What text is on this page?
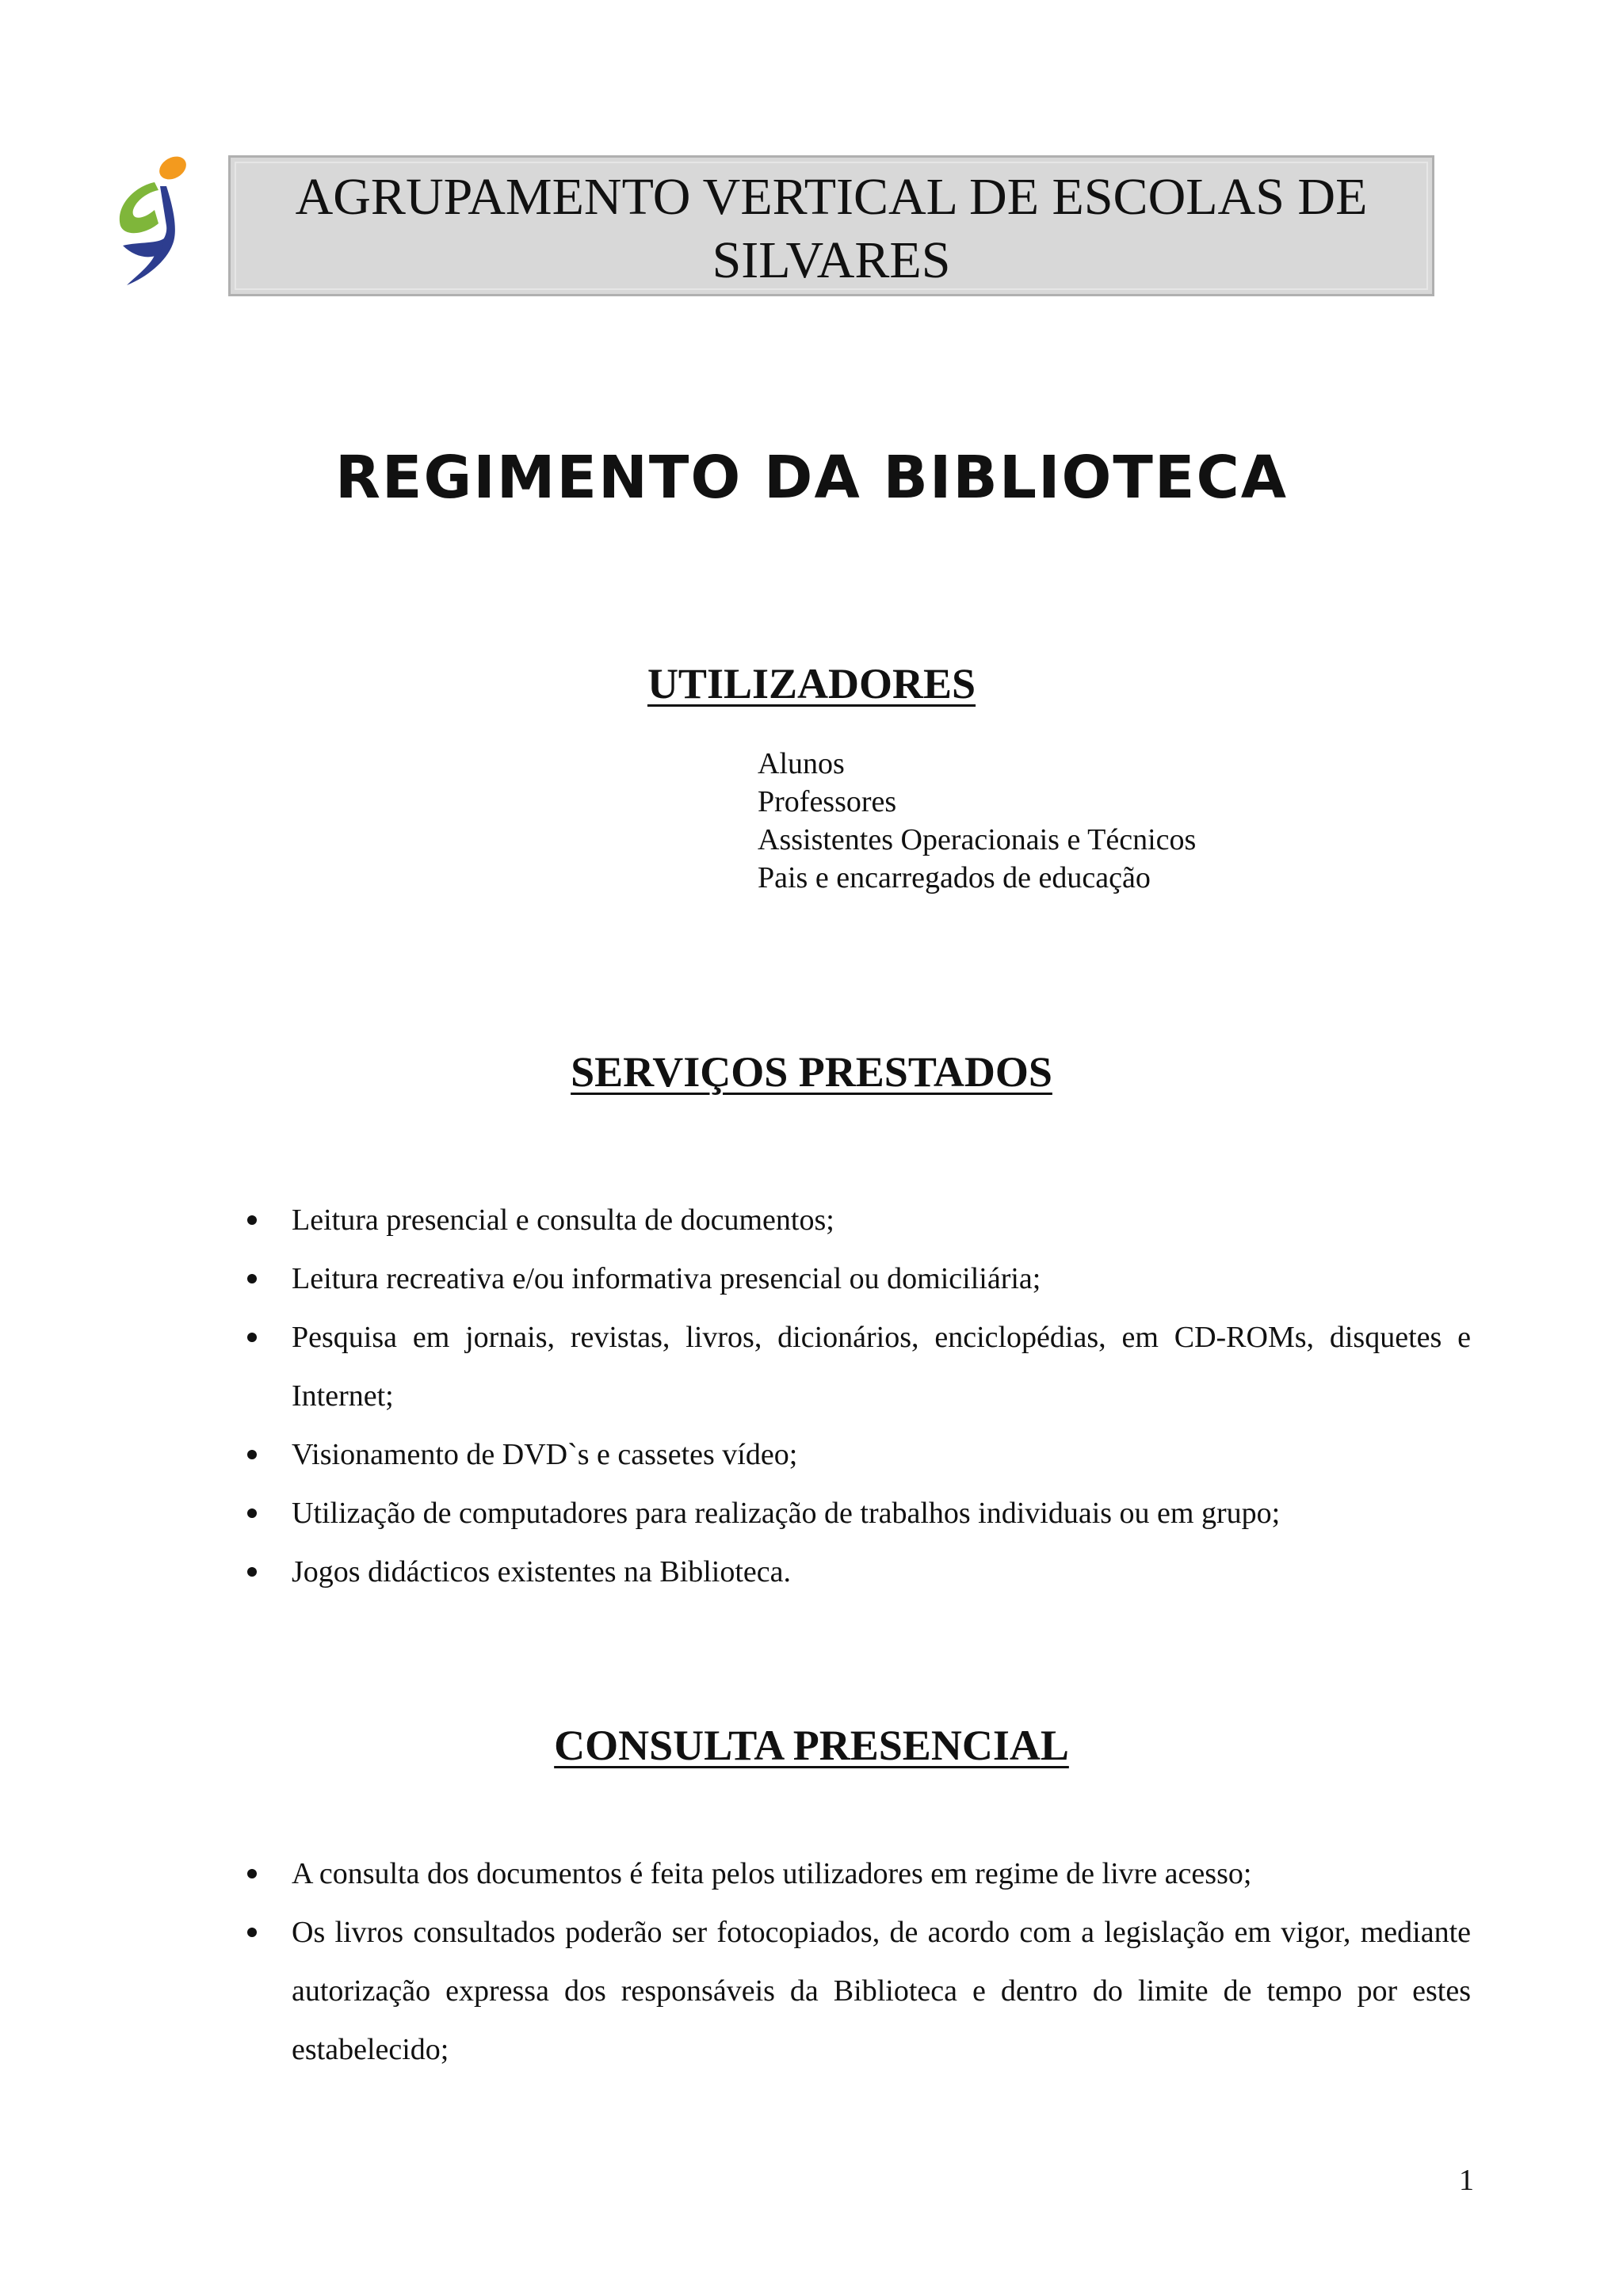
AGRUPAMENTO VERTICAL DE ESCOLAS DE
SILVARES
REGIMENTO DA BIBLIOTECA
UTILIZADORES
Alunos
Professores
Assistentes Operacionais e Técnicos
Pais e encarregados de educação
SERVIÇOS PRESTADOS
Leitura presencial e consulta de documentos;
Leitura recreativa e/ou informativa presencial ou domiciliária;
Pesquisa em jornais, revistas, livros, dicionários, enciclopédias, em CD-ROMs, disquetes e Internet;
Visionamento de DVD`s e cassetes vídeo;
Utilização de computadores para realização de trabalhos individuais ou em grupo;
Jogos didácticos existentes na Biblioteca.
CONSULTA PRESENCIAL
A consulta dos documentos é feita pelos utilizadores em regime de livre acesso;
Os livros consultados poderão ser fotocopiados, de acordo com a legislação em vigor, mediante autorização expressa dos responsáveis da Biblioteca e dentro do limite de tempo por estes estabelecido;
1
